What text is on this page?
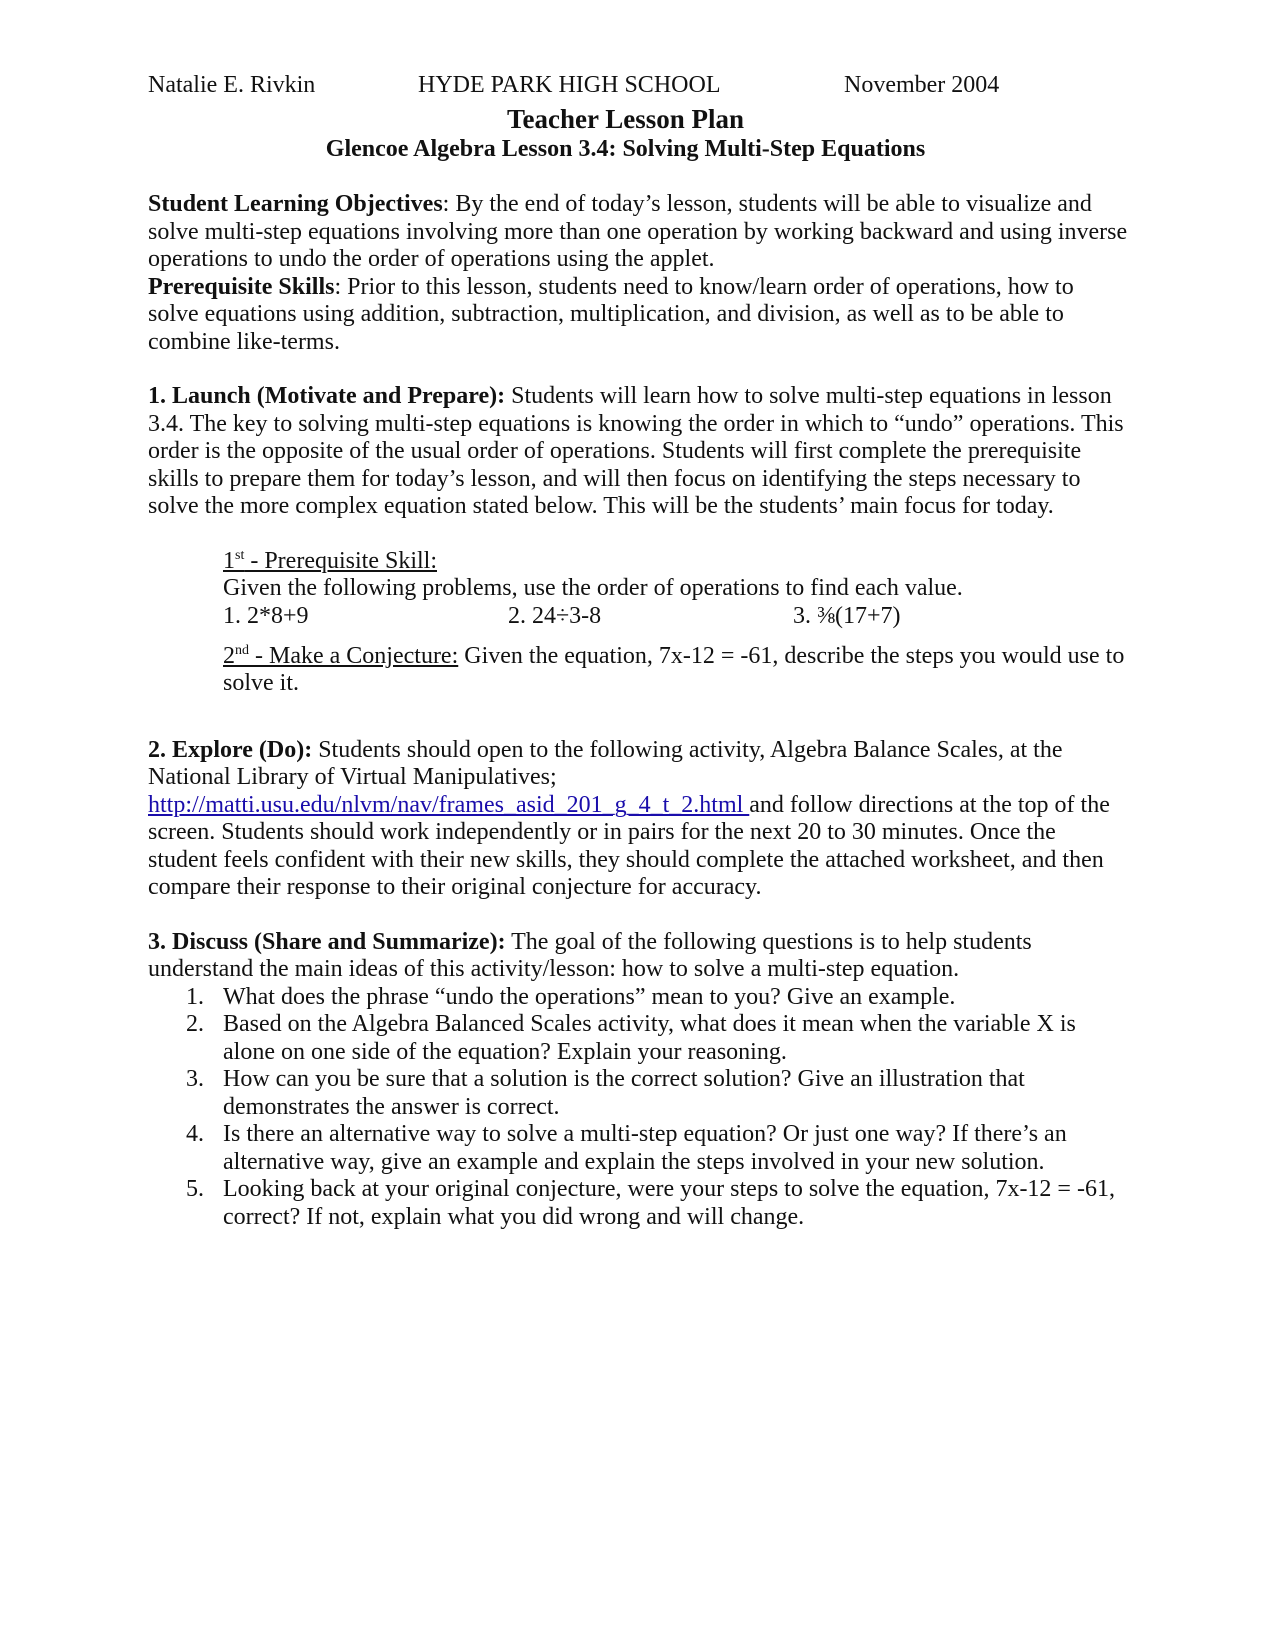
Natalie E. Rivkin	HYDE PARK HIGH SCHOOL	November 2004
Teacher Lesson Plan
Glencoe Algebra Lesson 3.4: Solving Multi-Step Equations

Student Learning Objectives: By the end of today’s lesson, students will be able to visualize and solve multi-step equations involving more than one operation by working backward and using inverse operations to undo the order of operations using the applet.

Prerequisite Skills: Prior to this lesson, students need to know/learn order of operations, how to solve equations using addition, subtraction, multiplication, and division, as well as to be able to combine like-terms.

1. Launch (Motivate and Prepare): Students will learn how to solve multi-step equations in lesson 3.4. The key to solving multi-step equations is knowing the order in which to “undo” operations. This order is the opposite of the usual order of operations. Students will first complete the prerequisite skills to prepare them for today’s lesson, and will then focus on identifying the steps necessary to solve the more complex equation stated below. This will be the students’ main focus for today.

1st - Prerequisite Skill:

Given the following problems, use the order of operations to find each value.

1. 2*8+9	2. 24÷3-8	3. ⅜(17+7)

2nd - Make a Conjecture: Given the equation, 7x-12 = -61, describe the steps you would use to solve it.

2. Explore (Do): Students should open to the following activity, Algebra Balance Scales, at the National Library of Virtual Manipulatives;
http://matti.usu.edu/nlvm/nav/frames_asid_201_g_4_t_2.html and follow directions at the top of the screen. Students should work independently or in pairs for the next 20 to 30 minutes. Once the student feels confident with their new skills, they should complete the attached worksheet, and then compare their response to their original conjecture for accuracy.

3. Discuss (Share and Summarize): The goal of the following questions is to help students understand the main ideas of this activity/lesson: how to solve a multi-step equation.

1. What does the phrase “undo the operations” mean to you? Give an example.
2. Based on the Algebra Balanced Scales activity, what does it mean when the variable X is alone on one side of the equation? Explain your reasoning.
3. How can you be sure that a solution is the correct solution? Give an illustration that demonstrates the answer is correct.
4. Is there an alternative way to solve a multi-step equation? Or just one way? If there’s an alternative way, give an example and explain the steps involved in your new solution.
5. Looking back at your original conjecture, were your steps to solve the equation, 7x-12 = -61, correct? If not, explain what you did wrong and will change.
